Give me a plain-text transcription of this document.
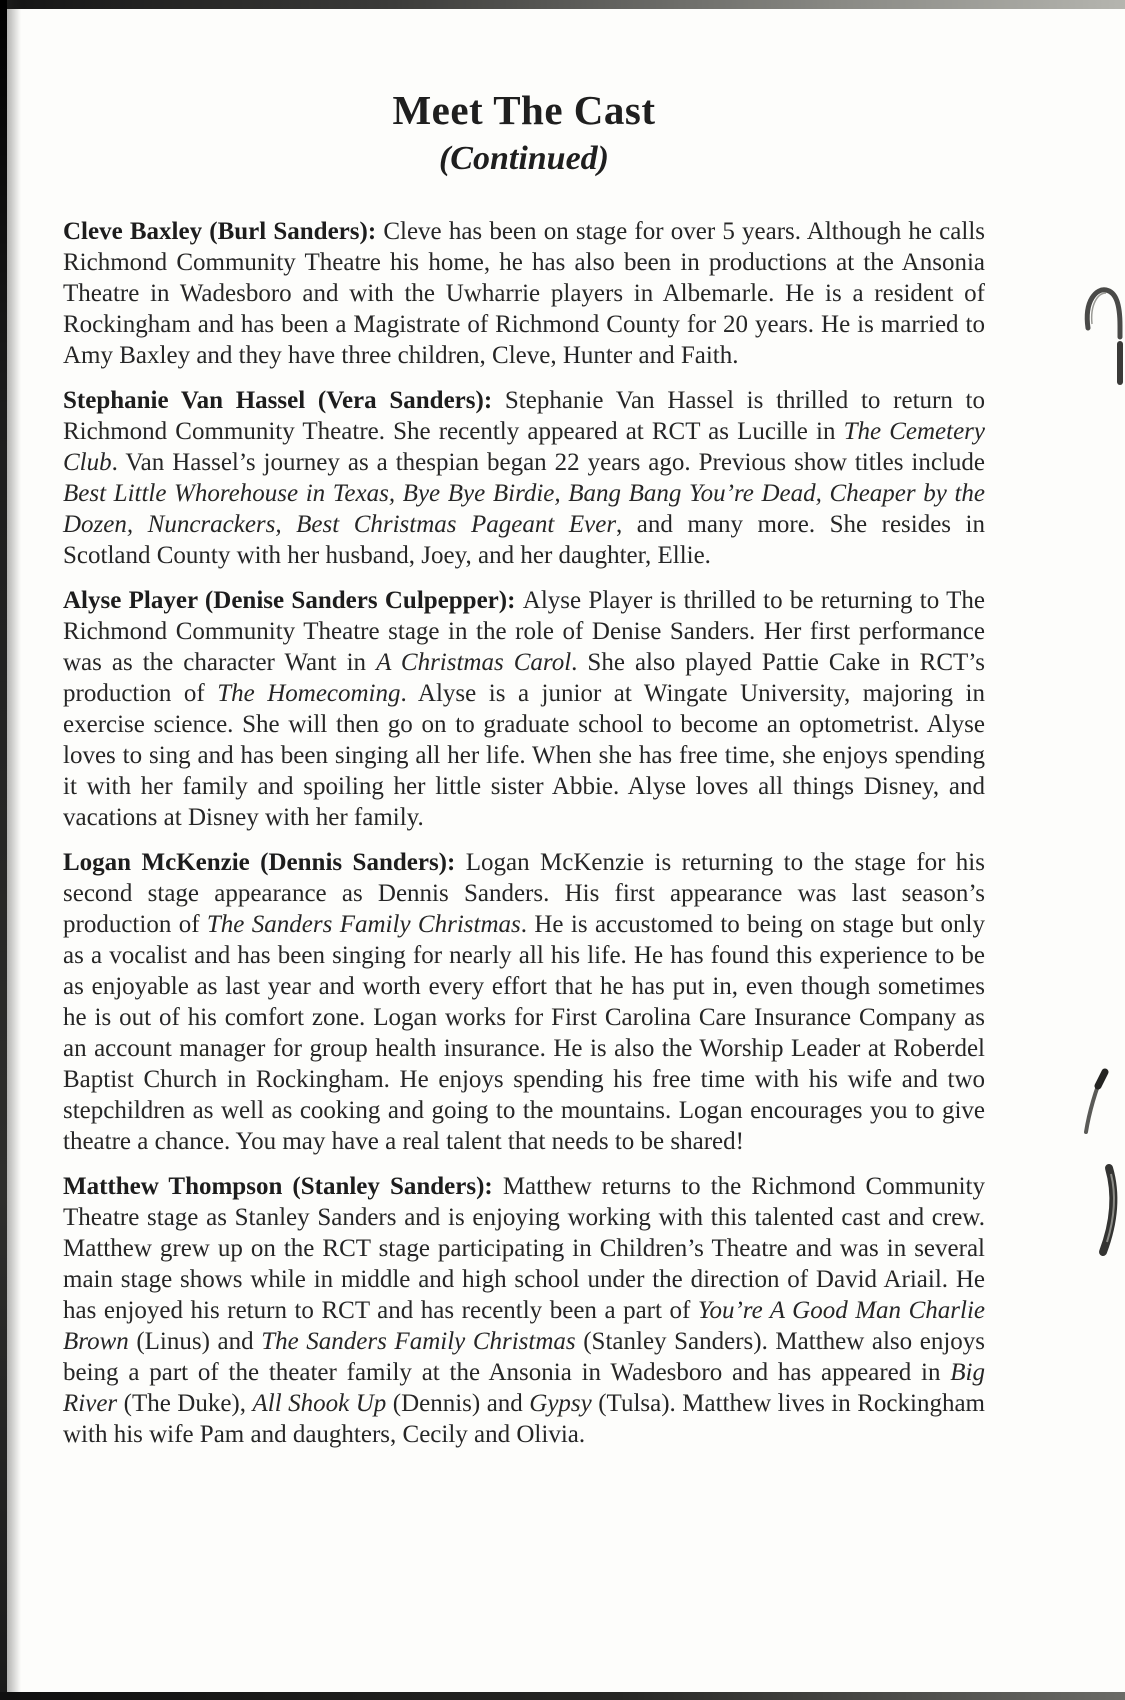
Meet The Cast
(Continued)

Cleve Baxley (Burl Sanders): Cleve has been on stage for over 5 years. Although he calls Richmond Community Theatre his home, he has also been in productions at the Ansonia Theatre in Wadesboro and with the Uwharrie players in Albemarle. He is a resident of Rockingham and has been a Magistrate of Richmond County for 20 years. He is married to Amy Baxley and they have three children, Cleve, Hunter and Faith.

Stephanie Van Hassel (Vera Sanders): Stephanie Van Hassel is thrilled to return to Richmond Community Theatre. She recently appeared at RCT as Lucille in The Cemetery Club. Van Hassel’s journey as a thespian began 22 years ago. Previous show titles include Best Little Whorehouse in Texas, Bye Bye Birdie, Bang Bang You’re Dead, Cheaper by the Dozen, Nuncrackers, Best Christmas Pageant Ever, and many more. She resides in Scotland County with her husband, Joey, and her daughter, Ellie.

Alyse Player (Denise Sanders Culpepper): Alyse Player is thrilled to be returning to The Richmond Community Theatre stage in the role of Denise Sanders. Her first performance was as the character Want in A Christmas Carol. She also played Pattie Cake in RCT’s production of The Homecoming. Alyse is a junior at Wingate University, majoring in exercise science. She will then go on to graduate school to become an optometrist. Alyse loves to sing and has been singing all her life. When she has free time, she enjoys spending it with her family and spoiling her little sister Abbie. Alyse loves all things Disney, and vacations at Disney with her family.

Logan McKenzie (Dennis Sanders): Logan McKenzie is returning to the stage for his second stage appearance as Dennis Sanders. His first appearance was last season’s production of The Sanders Family Christmas. He is accustomed to being on stage but only as a vocalist and has been singing for nearly all his life. He has found this experience to be as enjoyable as last year and worth every effort that he has put in, even though sometimes he is out of his comfort zone. Logan works for First Carolina Care Insurance Company as an account manager for group health insurance. He is also the Worship Leader at Roberdel Baptist Church in Rockingham. He enjoys spending his free time with his wife and two stepchildren as well as cooking and going to the mountains. Logan encourages you to give theatre a chance. You may have a real talent that needs to be shared!

Matthew Thompson (Stanley Sanders): Matthew returns to the Richmond Community Theatre stage as Stanley Sanders and is enjoying working with this talented cast and crew. Matthew grew up on the RCT stage participating in Children’s Theatre and was in several main stage shows while in middle and high school under the direction of David Ariail. He has enjoyed his return to RCT and has recently been a part of You’re A Good Man Charlie Brown (Linus) and The Sanders Family Christmas (Stanley Sanders). Matthew also enjoys being a part of the theater family at the Ansonia in Wadesboro and has appeared in Big River (The Duke), All Shook Up (Dennis) and Gypsy (Tulsa). Matthew lives in Rockingham with his wife Pam and daughters, Cecily and Olivia.
